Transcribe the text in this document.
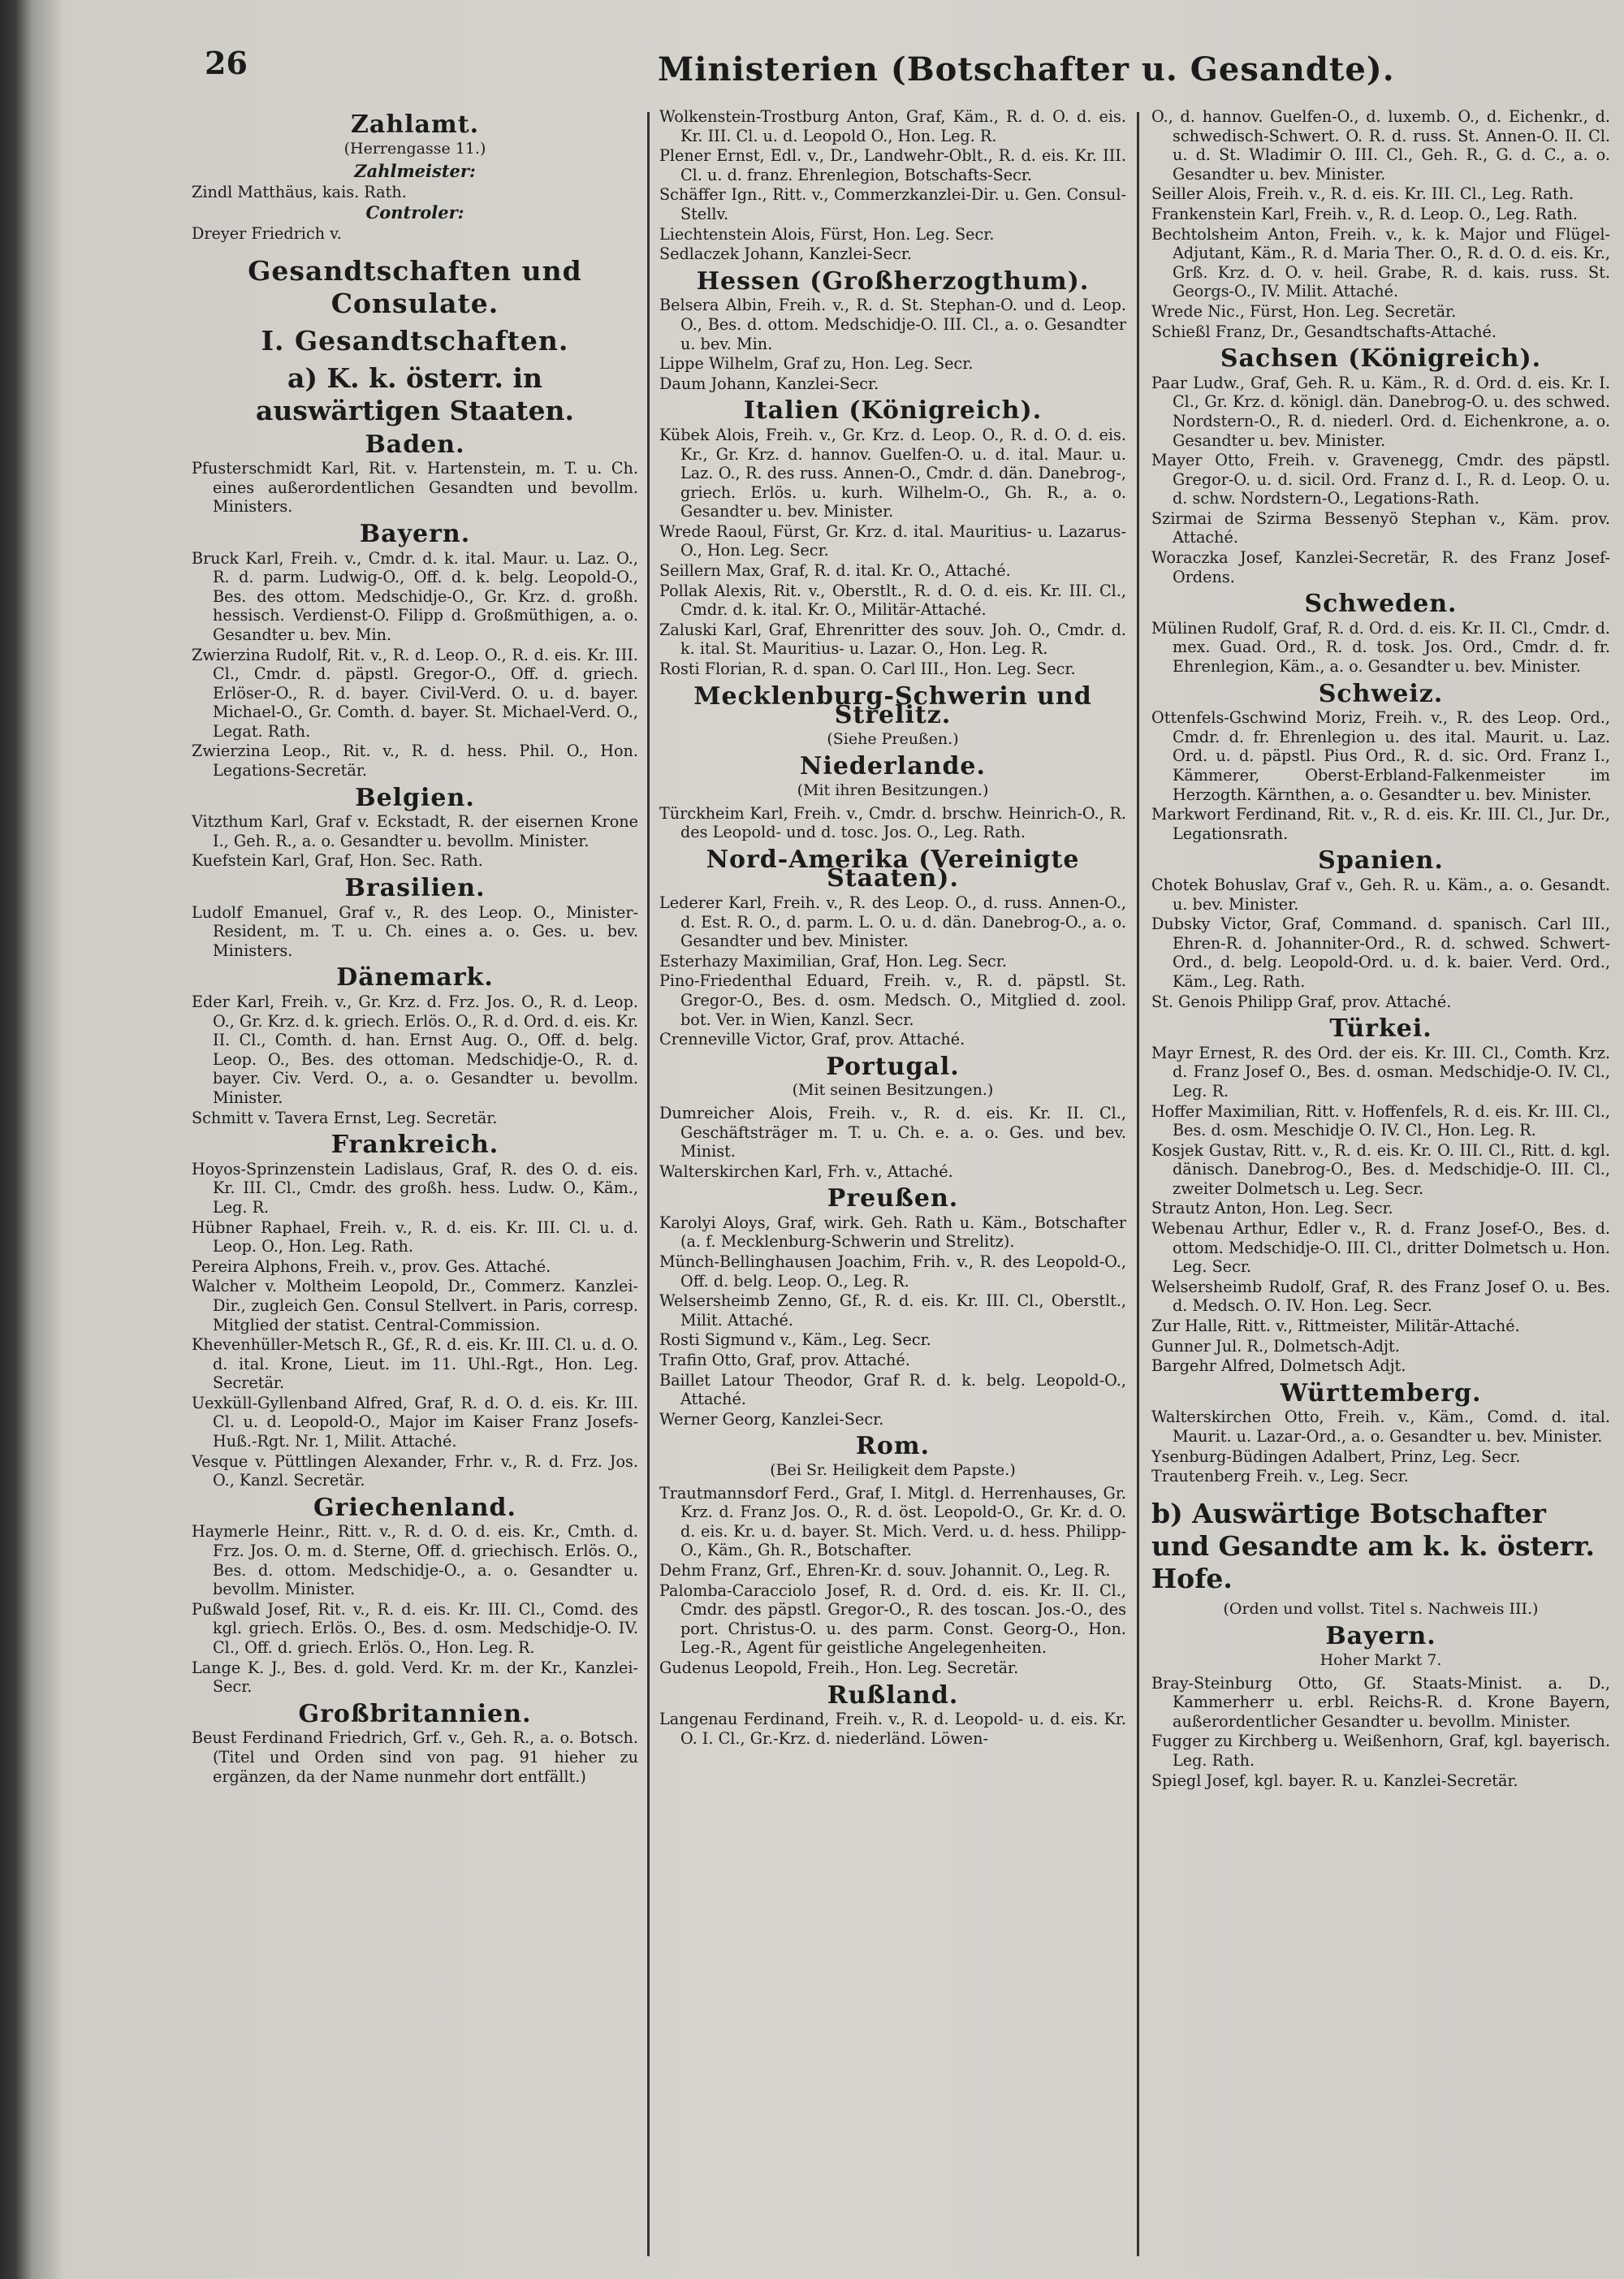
26	Ministerien (Botschafter u. Gesandte).
Zahlamt.
(Herrengasse 11.)
Zahlmeister:
Zindl Matthäus, kais. Rath.
Controler:
Dreyer Friedrich v.
Gesandtschaften und Consulate.
I. Gesandtschaften.
a) K. k. österr. in auswärtigen Staaten.
Baden.
Pfusterschmidt Karl, Rit. v. Hartenstein, m. T. u. Ch. eines außerordentlichen Gesandten und bevollm. Ministers.
Bayern.
Bruck Karl, Freih. v., Cmdr. d. k. ital. Maur. u. Laz. O., R. d. parm. Ludwig-O., Off. d. k. belg. Leopold-O., Bes. des ottom. Medschidje-O., Gr. Krz. d. großh. hessisch. Verdienst-O. Filipp d. Großmüthigen, a. o. Gesandter u. bev. Min.
Zwierzina Rudolf, Rit. v., R. d. Leop. O., R. d. eis. Kr. III. Cl., Cmdr. d. päpstl. Gregor-O., Off. d. griech. Erlöser-O., R. d. bayer. Civil-Verd. O. u. d. bayer. Michael-O., Gr. Comth. d. bayer. St. Michael-Verd. O., Legat. Rath.
Zwierzina Leop., Rit. v., R. d. hess. Phil. O., Hon. Legations-Secretär.
Belgien.
Vitzthum Karl, Graf v. Eckstadt, R. der eisernen Krone I., Geh. R., a. o. Gesandter u. bevollm. Minister.
Kuefstein Karl, Graf, Hon. Sec. Rath.
Brasilien.
Ludolf Emanuel, Graf v., R. des Leop. O., Minister-Resident, m. T. u. Ch. eines a. o. Ges. u. bev. Ministers.
Dänemark.
Eder Karl, Freih. v., Gr. Krz. d. Frz. Jos. O., R. d. Leop. O., Gr. Krz. d. k. griech. Erlös. O., R. d. Ord. d. eis. Kr. II. Cl., Comth. d. han. Ernst Aug. O., Off. d. belg. Leop. O., Bes. des ottoman. Medschidje-O., R. d. bayer. Civ. Verd. O., a. o. Gesandter u. bevollm. Minister.
Schmitt v. Tavera Ernst, Leg. Secretär.
Frankreich.
Hoyos-Sprinzenstein Ladislaus, Graf, R. des O. d. eis. Kr. III. Cl., Cmdr. des großh. hess. Ludw. O., Käm., Leg. R.
Hübner Raphael, Freih. v., R. d. eis. Kr. III. Cl. u. d. Leop. O., Hon. Leg. Rath.
Pereira Alphons, Freih. v., prov. Ges. Attaché.
Walcher v. Moltheim Leopold, Dr., Commerz. Kanzlei-Dir., zugleich Gen. Consul Stellvert. in Paris, corresp. Mitglied der statist. Central-Commission.
Khevenhüller-Metsch R., Gf., R. d. eis. Kr. III. Cl. u. d. O. d. ital. Krone, Lieut. im 11. Uhl.-Rgt., Hon. Leg. Secretär.
Uexküll-Gyllenband Alfred, Graf, R. d. O. d. eis. Kr. III. Cl. u. d. Leopold-O., Major im Kaiser Franz Josefs-Huß.-Rgt. Nr. 1, Milit. Attaché.
Vesque v. Püttlingen Alexander, Frhr. v., R. d. Frz. Jos. O., Kanzl. Secretär.
Griechenland.
Haymerle Heinr., Ritt. v., R. d. O. d. eis. Kr., Cmth. d. Frz. Jos. O. m. d. Sterne, Off. d. griechisch. Erlös. O., Bes. d. ottom. Medschidje-O., a. o. Gesandter u. bevollm. Minister.
Pußwald Josef, Rit. v., R. d. eis. Kr. III. Cl., Comd. des kgl. griech. Erlös. O., Bes. d. osm. Medschidje-O. IV. Cl., Off. d. griech. Erlös. O., Hon. Leg. R.
Lange K. J., Bes. d. gold. Verd. Kr. m. der Kr., Kanzlei-Secr.
Großbritannien.
Beust Ferdinand Friedrich, Grf. v., Geh. R., a. o. Botsch. (Titel und Orden sind von pag. 91 hieher zu ergänzen, da der Name nunmehr dort entfällt.)
Wolkenstein-Trostburg Anton, Graf, Käm., R. d. O. d. eis. Kr. III. Cl. u. d. Leopold O., Hon. Leg. R.
Plener Ernst, Edl. v., Dr., Landwehr-Oblt., R. d. eis. Kr. III. Cl. u. d. franz. Ehrenlegion, Botschafts-Secr.
Schäffer Ign., Ritt. v., Commerzkanzlei-Dir. u. Gen. Consul-Stellv.
Liechtenstein Alois, Fürst, Hon. Leg. Secr.
Sedlaczek Johann, Kanzlei-Secr.
Hessen (Großherzogthum).
Belsera Albin, Freih. v., R. d. St. Stephan-O. und d. Leop. O., Bes. d. ottom. Medschidje-O. III. Cl., a. o. Gesandter u. bev. Min.
Lippe Wilhelm, Graf zu, Hon. Leg. Secr.
Daum Johann, Kanzlei-Secr.
Italien (Königreich).
Kübek Alois, Freih. v., Gr. Krz. d. Leop. O., R. d. O. d. eis. Kr., Gr. Krz. d. hannov. Guelfen-O. u. d. ital. Maur. u. Laz. O., R. des russ. Annen-O., Cmdr. d. dän. Danebrog-, griech. Erlös. u. kurh. Wilhelm-O., Gh. R., a. o. Gesandter u. bev. Minister.
Wrede Raoul, Fürst, Gr. Krz. d. ital. Mauritius- u. Lazarus-O., Hon. Leg. Secr.
Seillern Max, Graf, R. d. ital. Kr. O., Attaché.
Pollak Alexis, Rit. v., Oberstlt., R. d. O. d. eis. Kr. III. Cl., Cmdr. d. k. ital. Kr. O., Militär-Attaché.
Zaluski Karl, Graf, Ehrenritter des souv. Joh. O., Cmdr. d. k. ital. St. Mauritius- u. Lazar. O., Hon. Leg. R.
Rosti Florian, R. d. span. O. Carl III., Hon. Leg. Secr.
Mecklenburg-Schwerin und Strelitz.
(Siehe Preußen.)
Niederlande.
(Mit ihren Besitzungen.)
Türckheim Karl, Freih. v., Cmdr. d. brschw. Heinrich-O., R. des Leopold- und d. tosc. Jos. O., Leg. Rath.
Nord-Amerika (Vereinigte Staaten).
Lederer Karl, Freih. v., R. des Leop. O., d. russ. Annen-O., d. Est. R. O., d. parm. L. O. u. d. dän. Danebrog-O., a. o. Gesandter und bev. Minister.
Esterhazy Maximilian, Graf, Hon. Leg. Secr.
Pino-Friedenthal Eduard, Freih. v., R. d. päpstl. St. Gregor-O., Bes. d. osm. Medsch. O., Mitglied d. zool. bot. Ver. in Wien, Kanzl. Secr.
Crenneville Victor, Graf, prov. Attaché.
Portugal.
(Mit seinen Besitzungen.)
Dumreicher Alois, Freih. v., R. d. eis. Kr. II. Cl., Geschäftsträger m. T. u. Ch. e. a. o. Ges. und bev. Minist.
Walterskirchen Karl, Frh. v., Attaché.
Preußen.
Karolyi Aloys, Graf, wirk. Geh. Rath u. Käm., Botschafter (a. f. Mecklenburg-Schwerin und Strelitz).
Münch-Bellinghausen Joachim, Frih. v., R. des Leopold-O., Off. d. belg. Leop. O., Leg. R.
Welsersheimb Zenno, Gf., R. d. eis. Kr. III. Cl., Oberstlt., Milit. Attaché.
Rosti Sigmund v., Käm., Leg. Secr.
Trafin Otto, Graf, prov. Attaché.
Baillet Latour Theodor, Graf R. d. k. belg. Leopold-O., Attaché.
Werner Georg, Kanzlei-Secr.
Rom.
(Bei Sr. Heiligkeit dem Papste.)
Trautmannsdorf Ferd., Graf, I. Mitgl. d. Herrenhauses, Gr. Krz. d. Franz Jos. O., R. d. öst. Leopold-O., Gr. Kr. d. O. d. eis. Kr. u. d. bayer. St. Mich. Verd. u. d. hess. Philipp-O., Käm., Gh. R., Botschafter.
Dehm Franz, Grf., Ehren-Kr. d. souv. Johannit. O., Leg. R.
Palomba-Caracciolo Josef, R. d. Ord. d. eis. Kr. II. Cl., Cmdr. des päpstl. Gregor-O., R. des toscan. Jos.-O., des port. Christus-O. u. des parm. Const. Georg-O., Hon. Leg.-R., Agent für geistliche Angelegenheiten.
Gudenus Leopold, Freih., Hon. Leg. Secretär.
Rußland.
Langenau Ferdinand, Freih. v., R. d. Leopold- u. d. eis. Kr. O. I. Cl., Gr.-Krz. d. niederländ. Löwen-
O., d. hannov. Guelfen-O., d. luxemb. O., d. Eichenkr., d. schwedisch-Schwert. O. R. d. russ. St. Annen-O. II. Cl. u. d. St. Wladimir O. III. Cl., Geh. R., G. d. C., a. o. Gesandter u. bev. Minister.
Seiller Alois, Freih. v., R. d. eis. Kr. III. Cl., Leg. Rath.
Frankenstein Karl, Freih. v., R. d. Leop. O., Leg. Rath.
Bechtolsheim Anton, Freih. v., k. k. Major und Flügel-Adjutant, Käm., R. d. Maria Ther. O., R. d. O. d. eis. Kr., Grß. Krz. d. O. v. heil. Grabe, R. d. kais. russ. St. Georgs-O., IV. Milit. Attaché.
Wrede Nic., Fürst, Hon. Leg. Secretär.
Schießl Franz, Dr., Gesandtschafts-Attaché.
Sachsen (Königreich).
Paar Ludw., Graf, Geh. R. u. Käm., R. d. Ord. d. eis. Kr. I. Cl., Gr. Krz. d. königl. dän. Danebrog-O. u. des schwed. Nordstern-O., R. d. niederl. Ord. d. Eichenkrone, a. o. Gesandter u. bev. Minister.
Mayer Otto, Freih. v. Gravenegg, Cmdr. des päpstl. Gregor-O. u. d. sicil. Ord. Franz d. I., R. d. Leop. O. u. d. schw. Nordstern-O., Legations-Rath.
Szirmai de Szirma Bessenyö Stephan v., Käm. prov. Attaché.
Woraczka Josef, Kanzlei-Secretär, R. des Franz Josef-Ordens.
Schweden.
Mülinen Rudolf, Graf, R. d. Ord. d. eis. Kr. II. Cl., Cmdr. d. mex. Guad. Ord., R. d. tosk. Jos. Ord., Cmdr. d. fr. Ehrenlegion, Käm., a. o. Gesandter u. bev. Minister.
Schweiz.
Ottenfels-Gschwind Moriz, Freih. v., R. des Leop. Ord., Cmdr. d. fr. Ehrenlegion u. des ital. Maurit. u. Laz. Ord. u. d. päpstl. Pius Ord., R. d. sic. Ord. Franz I., Kämmerer, Oberst-Erbland-Falkenmeister im Herzogth. Kärnthen, a. o. Gesandter u. bev. Minister.
Markwort Ferdinand, Rit. v., R. d. eis. Kr. III. Cl., Jur. Dr., Legationsrath.
Spanien.
Chotek Bohuslav, Graf v., Geh. R. u. Käm., a. o. Gesandt. u. bev. Minister.
Dubsky Victor, Graf, Command. d. spanisch. Carl III., Ehren-R. d. Johanniter-Ord., R. d. schwed. Schwert-Ord., d. belg. Leopold-Ord. u. d. k. baier. Verd. Ord., Käm., Leg. Rath.
St. Genois Philipp Graf, prov. Attaché.
Türkei.
Mayr Ernest, R. des Ord. der eis. Kr. III. Cl., Comth. Krz. d. Franz Josef O., Bes. d. osman. Medschidje-O. IV. Cl., Leg. R.
Hoffer Maximilian, Ritt. v. Hoffenfels, R. d. eis. Kr. III. Cl., Bes. d. osm. Meschidje O. IV. Cl., Hon. Leg. R.
Kosjek Gustav, Ritt. v., R. d. eis. Kr. O. III. Cl., Ritt. d. kgl. dänisch. Danebrog-O., Bes. d. Medschidje-O. III. Cl., zweiter Dolmetsch u. Leg. Secr.
Strautz Anton, Hon. Leg. Secr.
Webenau Arthur, Edler v., R. d. Franz Josef-O., Bes. d. ottom. Medschidje-O. III. Cl., dritter Dolmetsch u. Hon. Leg. Secr.
Welsersheimb Rudolf, Graf, R. des Franz Josef O. u. Bes. d. Medsch. O. IV. Hon. Leg. Secr.
Zur Halle, Ritt. v., Rittmeister, Militär-Attaché.
Gunner Jul. R., Dolmetsch-Adjt.
Bargehr Alfred, Dolmetsch Adjt.
Württemberg.
Walterskirchen Otto, Freih. v., Käm., Comd. d. ital. Maurit. u. Lazar-Ord., a. o. Gesandter u. bev. Minister.
Ysenburg-Büdingen Adalbert, Prinz, Leg. Secr.
Trautenberg Freih. v., Leg. Secr.
b) Auswärtige Botschafter und Gesandte am k. k. österr. Hofe.
(Orden und vollst. Titel s. Nachweis III.)
Bayern.
Hoher Markt 7.
Bray-Steinburg Otto, Gf. Staats-Minist. a. D., Kammerherr u. erbl. Reichs-R. d. Krone Bayern, außerordentlicher Gesandter u. bevollm. Minister.
Fugger zu Kirchberg u. Weißenhorn, Graf, kgl. bayerisch. Leg. Rath.
Spiegl Josef, kgl. bayer. R. u. Kanzlei-Secretär.
